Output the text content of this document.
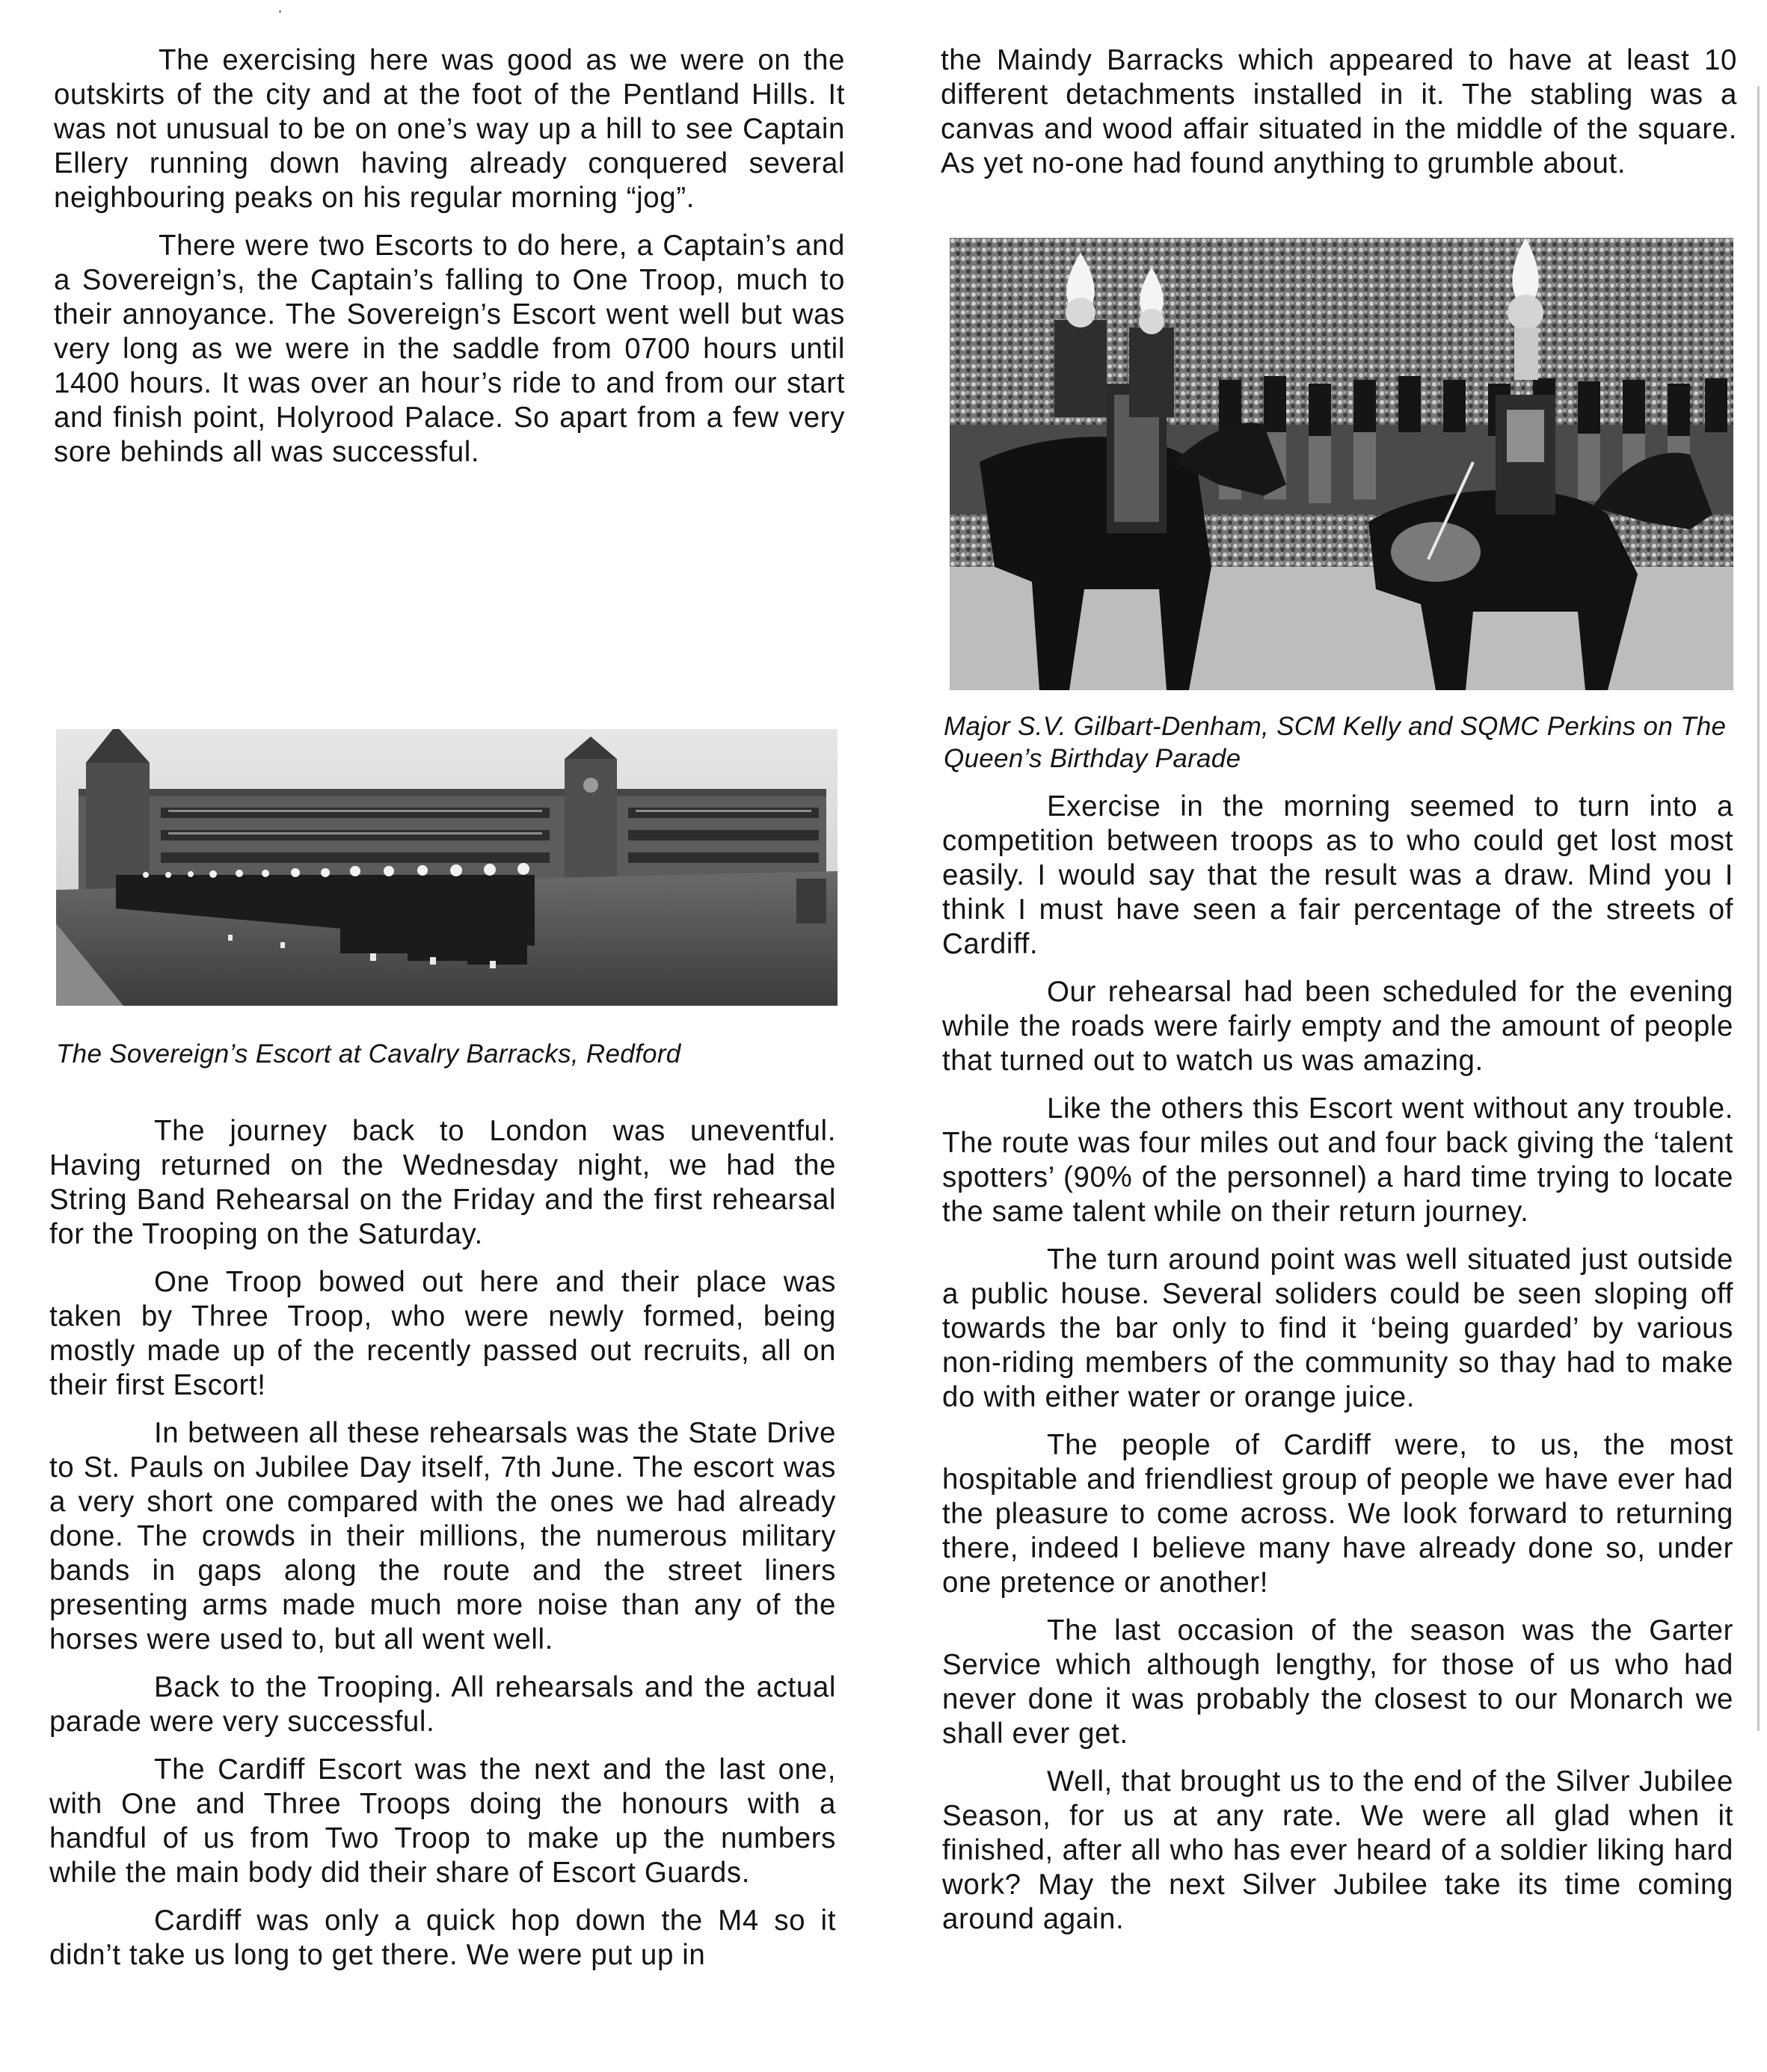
The exercising here was good as we were on the outskirts of the city and at the foot of the Pentland Hills. It was not unusual to be on one’s way up a hill to see Captain Ellery running down having already conquered several neighbouring peaks on his regular morning “jog”.

There were two Escorts to do here, a Captain’s and a Sovereign’s, the Captain’s falling to One Troop, much to their annoyance. The Sovereign’s Escort went well but was very long as we were in the saddle from 0700 hours until 1400 hours. It was over an hour’s ride to and from our start and finish point, Holyrood Palace. So apart from a few very sore behinds all was successful.

The Sovereign’s Escort at Cavalry Barracks, Redford

The journey back to London was uneventful. Having returned on the Wednesday night, we had the String Band Rehearsal on the Friday and the first rehearsal for the Trooping on the Saturday.

One Troop bowed out here and their place was taken by Three Troop, who were newly formed, being mostly made up of the recently passed out recruits, all on their first Escort!

In between all these rehearsals was the State Drive to St. Pauls on Jubilee Day itself, 7th June. The escort was a very short one compared with the ones we had already done. The crowds in their millions, the numerous military bands in gaps along the route and the street liners presenting arms made much more noise than any of the horses were used to, but all went well.

Back to the Trooping. All rehearsals and the actual parade were very successful.

The Cardiff Escort was the next and the last one, with One and Three Troops doing the honours with a handful of us from Two Troop to make up the numbers while the main body did their share of Escort Guards.

Cardiff was only a quick hop down the M4 so it didn’t take us long to get there. We were put up in

the Maindy Barracks which appeared to have at least 10 different detachments installed in it. The stabling was a canvas and wood affair situated in the middle of the square. As yet no-one had found anything to grumble about.

Major S.V. Gilbart-Denham, SCM Kelly and SQMC Perkins on The Queen’s Birthday Parade

Exercise in the morning seemed to turn into a competition between troops as to who could get lost most easily. I would say that the result was a draw. Mind you I think I must have seen a fair percentage of the streets of Cardiff.

Our rehearsal had been scheduled for the evening while the roads were fairly empty and the amount of people that turned out to watch us was amazing.

Like the others this Escort went without any trouble. The route was four miles out and four back giving the ‘talent spotters’ (90% of the personnel) a hard time trying to locate the same talent while on their return journey.

The turn around point was well situated just outside a public house. Several soliders could be seen sloping off towards the bar only to find it ‘being guarded’ by various non-riding members of the community so thay had to make do with either water or orange juice.

The people of Cardiff were, to us, the most hospitable and friendliest group of people we have ever had the pleasure to come across. We look forward to returning there, indeed I believe many have already done so, under one pretence or another!

The last occasion of the season was the Garter Service which although lengthy, for those of us who had never done it was probably the closest to our Monarch we shall ever get.

Well, that brought us to the end of the Silver Jubilee Season, for us at any rate. We were all glad when it finished, after all who has ever heard of a soldier liking hard work? May the next Silver Jubilee take its time coming around again.
